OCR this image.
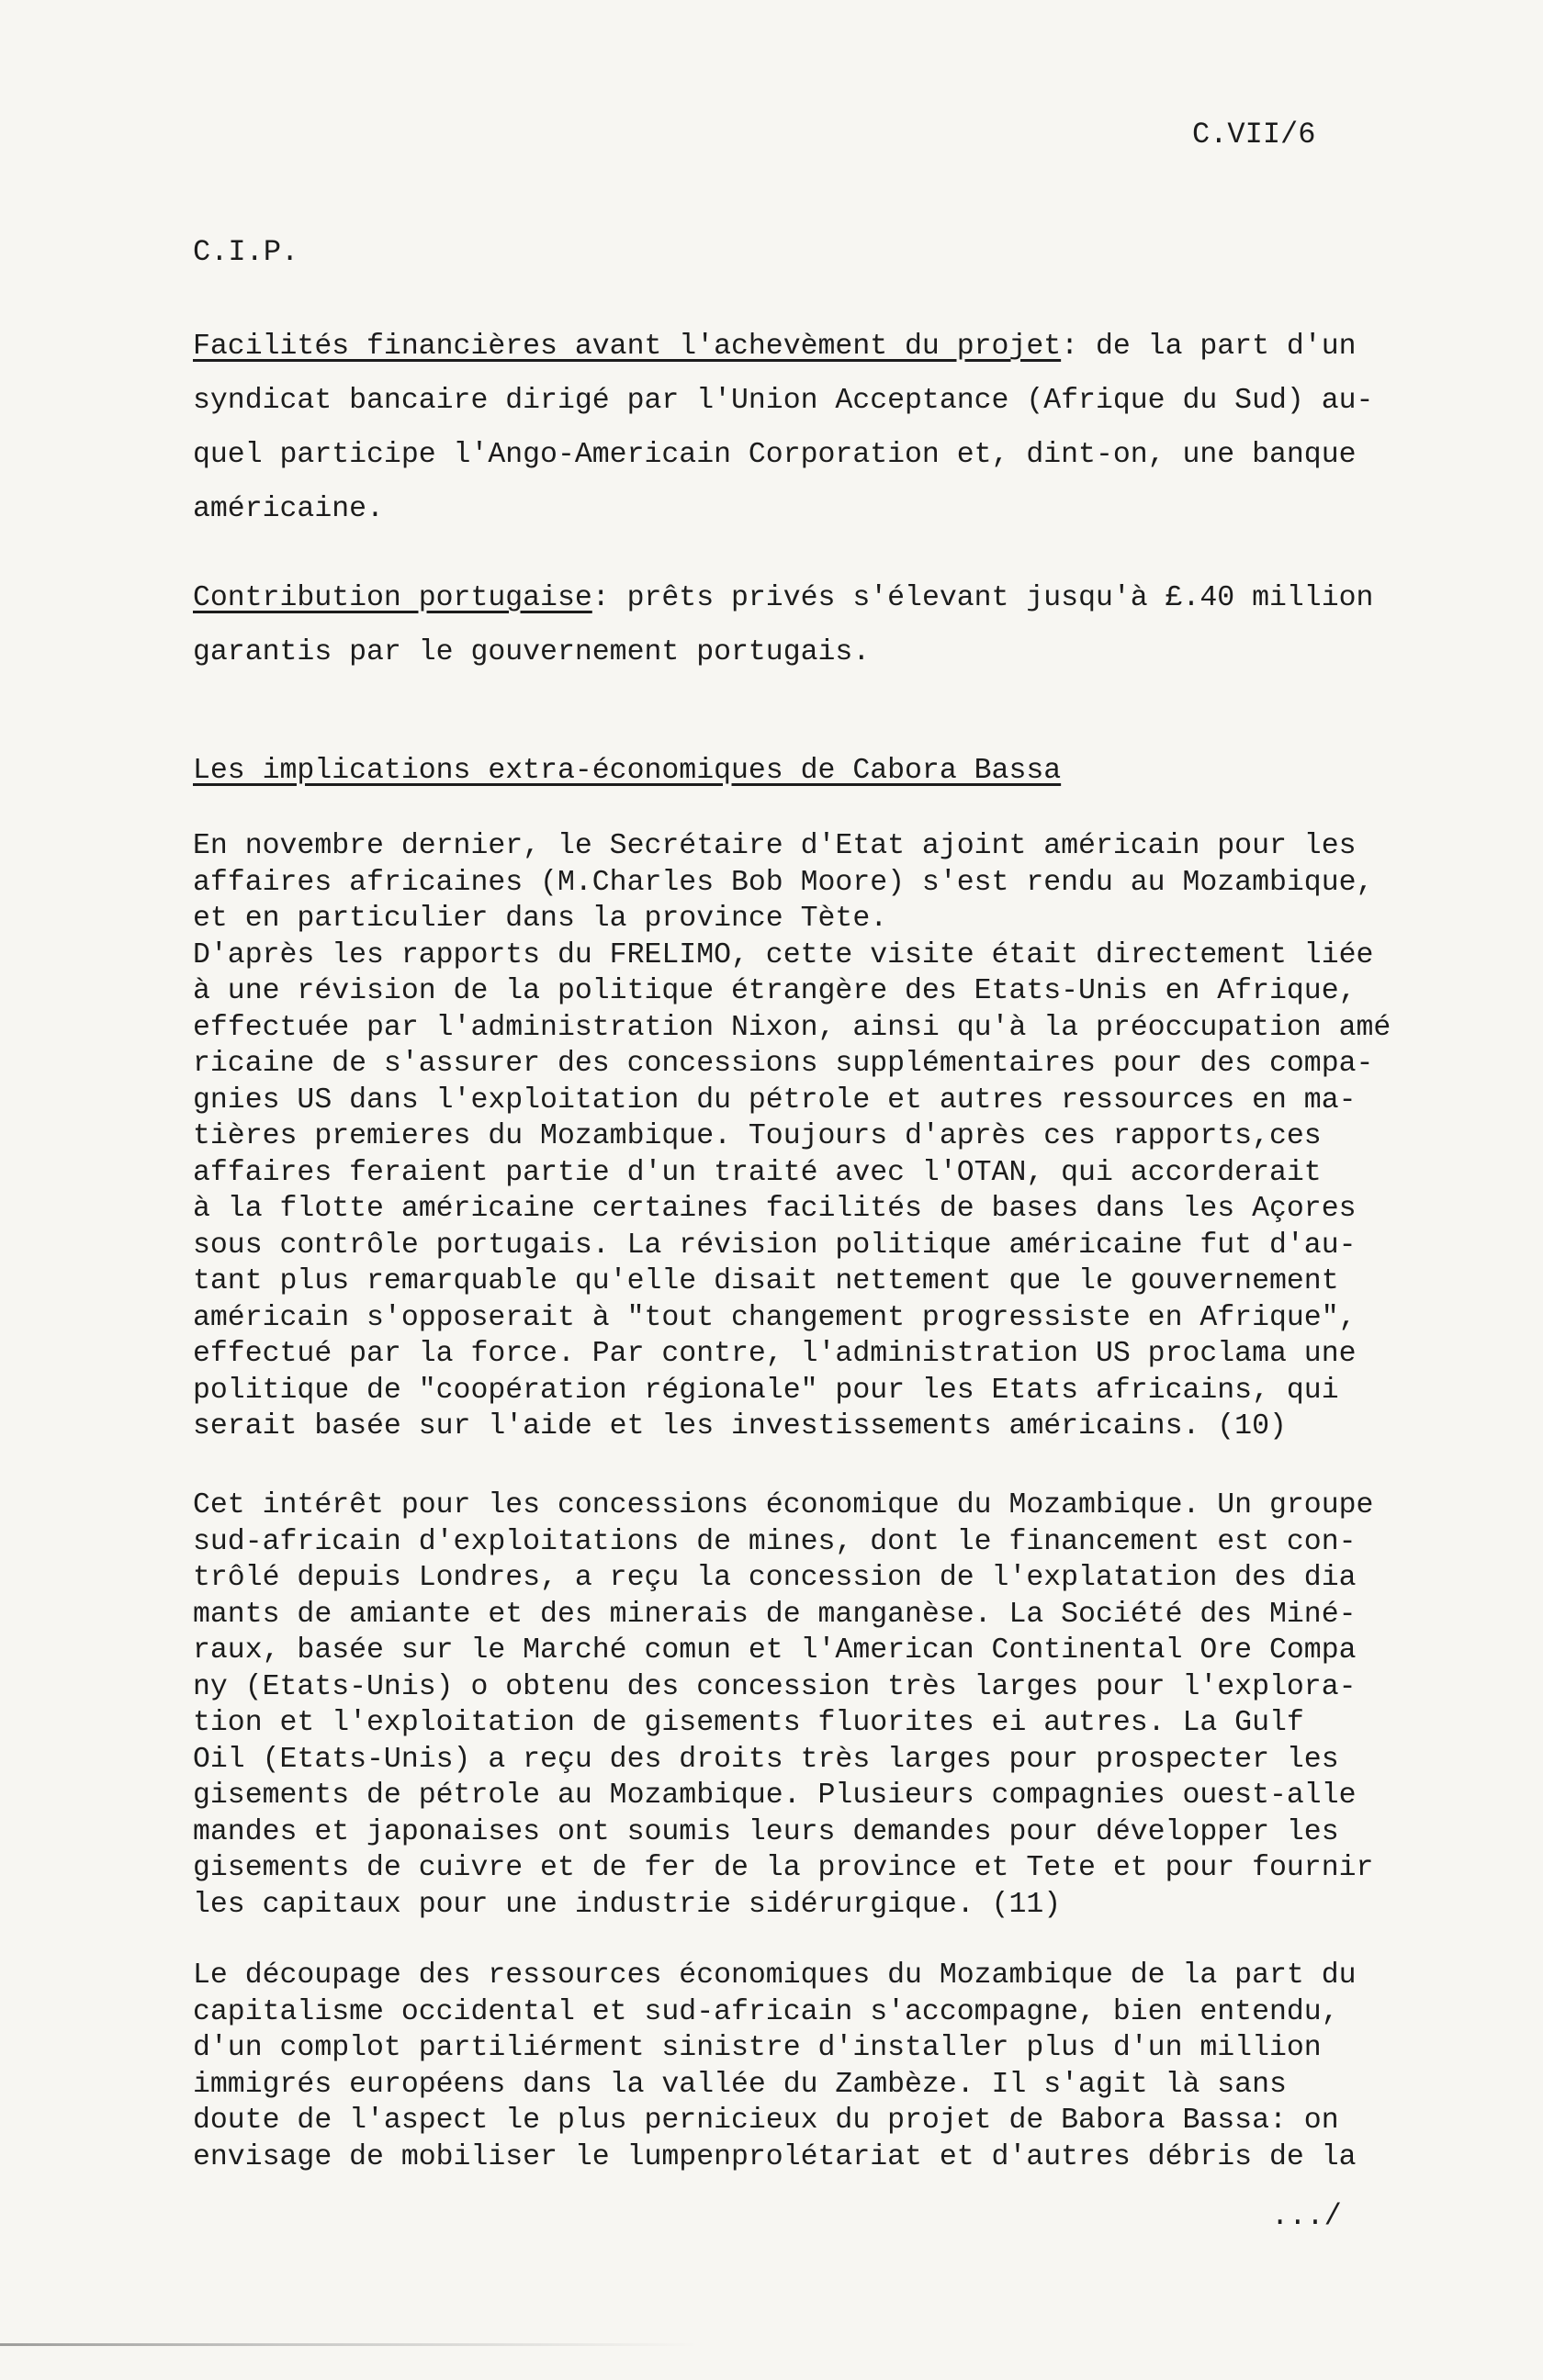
C.VII/6
C.I.P.

Facilités financières avant l'achevèment du projet: de la part d'un

syndicat bancaire dirigé par l'Union Acceptance (Afrique du Sud) au-

quel participe l'Ango-Americain Corporation et, dint-on, une banque

américaine.

Contribution portugaise: prêts privés s'élevant jusqu'à £.40 million

garantis par le gouvernement portugais.

Les implications extra-économiques de Cabora Bassa

En novembre dernier, le Secrétaire d'Etat ajoint américain pour les

affaires africaines (M.Charles Bob Moore) s'est rendu au Mozambique,

et en particulier dans la province Tète.

D'après les rapports du FRELIMO, cette visite était directement liée

à une révision de la politique étrangère des Etats-Unis en Afrique,

effectuée par l'administration Nixon, ainsi qu'à la préoccupation amé

ricaine de s'assurer des concessions supplémentaires pour des compa-

gnies US dans l'exploitation du pétrole et autres ressources en ma-

tières premieres du Mozambique. Toujours d'après ces rapports,ces

affaires feraient partie d'un traité avec l'OTAN, qui accorderait

à la flotte américaine certaines facilités de bases dans les Açores

sous contrôle portugais. La révision politique américaine fut d'au-

tant plus remarquable qu'elle disait nettement que le gouvernement

américain s'opposerait à "tout changement progressiste en Afrique",

effectué par la force. Par contre, l'administration US proclama une

politique de "coopération régionale" pour les Etats africains, qui

serait basée sur l'aide et les investissements américains. (10)

Cet intérêt pour les concessions économique du Mozambique. Un groupe

sud-africain d'exploitations de mines, dont le financement est con-

trôlé depuis Londres, a reçu la concession de l'explatation des dia

mants de amiante et des minerais de manganèse. La Société des Miné-

raux, basée sur le Marché comun et l'American Continental Ore Compa

ny (Etats-Unis) o obtenu des concession très larges pour l'explora-

tion et l'exploitation de gisements fluorites ei autres. La Gulf

Oil (Etats-Unis) a reçu des droits très larges pour prospecter les

gisements de pétrole au Mozambique. Plusieurs compagnies ouest-alle

mandes et japonaises ont soumis leurs demandes pour développer les

gisements de cuivre et de fer de la province et Tete et pour fournir

les capitaux pour une industrie sidérurgique. (11)

Le découpage des ressources économiques du Mozambique de la part du

capitalisme occidental et sud-africain s'accompagne, bien entendu,

d'un complot partiliérment sinistre d'installer plus d'un million

immigrés européens dans la vallée du Zambèze. Il s'agit là sans

doute de l'aspect le plus pernicieux du projet de Babora Bassa: on

envisage de mobiliser le lumpenprolétariat et d'autres débris de la

.../
